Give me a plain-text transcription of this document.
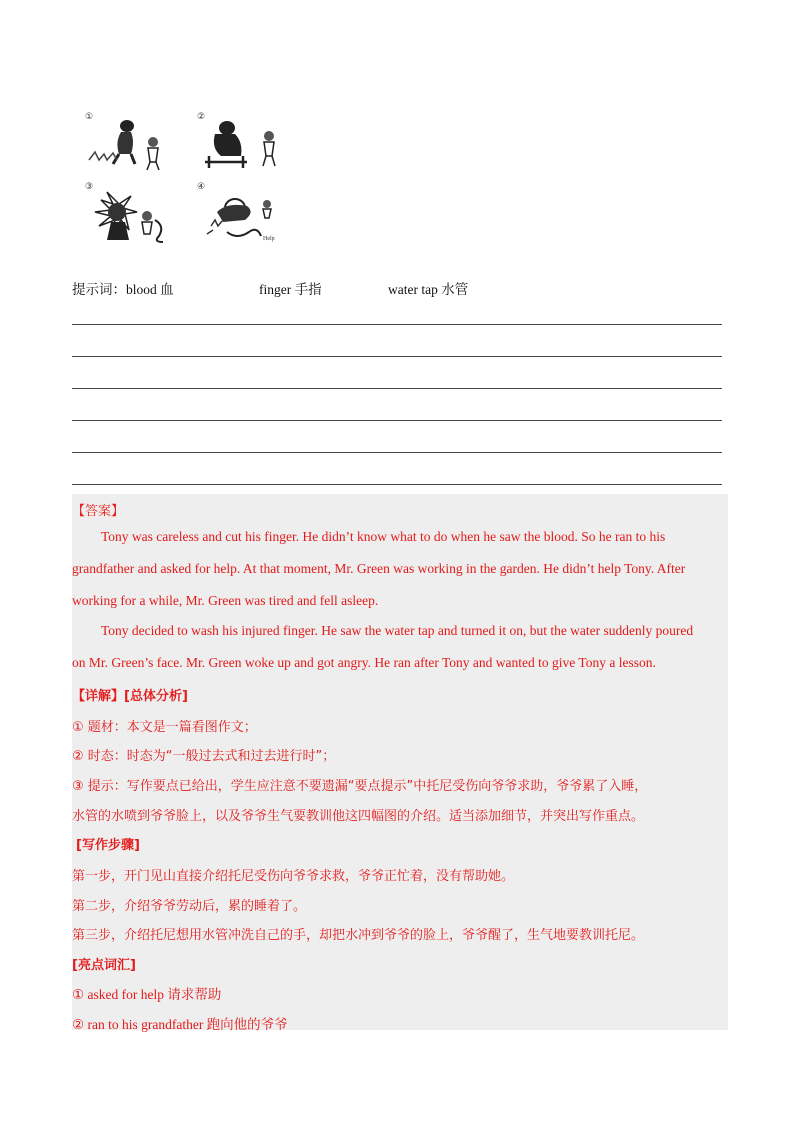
①	②
③	④
Help
提示词：blood 血	finger 手指	water tap 水管
【答案】
Tony was careless and cut his finger. He didn’t know what to do when he saw the blood. So he ran to his
grandfather and asked for help. At that moment, Mr. Green was working in the garden. He didn’t help Tony. After
working for a while, Mr. Green was tired and fell asleep.
Tony decided to wash his injured finger. He saw the water tap and turned it on, but the water suddenly poured
on Mr. Green’s face. Mr. Green woke up and got angry. He ran after Tony and wanted to give Tony a lesson.
【详解】[总体分析]
① 题材：本文是一篇看图作文；
② 时态：时态为“一般过去式和过去进行时”；
③ 提示：写作要点已给出，学生应注意不要遗漏“要点提示”中托尼受伤向爷爷求助，爷爷累了入睡，
水管的水喷到爷爷脸上，以及爷爷生气要教训他这四幅图的介绍。适当添加细节，并突出写作重点。
[写作步骤]
第一步，开门见山直接介绍托尼受伤向爷爷求救，爷爷正忙着，没有帮助她。
第二步，介绍爷爷劳动后，累的睡着了。
第三步，介绍托尼想用水管冲洗自己的手，却把水冲到爷爷的脸上，爷爷醒了，生气地要教训托尼。
[亮点词汇]
① asked for help 请求帮助
② ran to his grandfather 跑向他的爷爷
